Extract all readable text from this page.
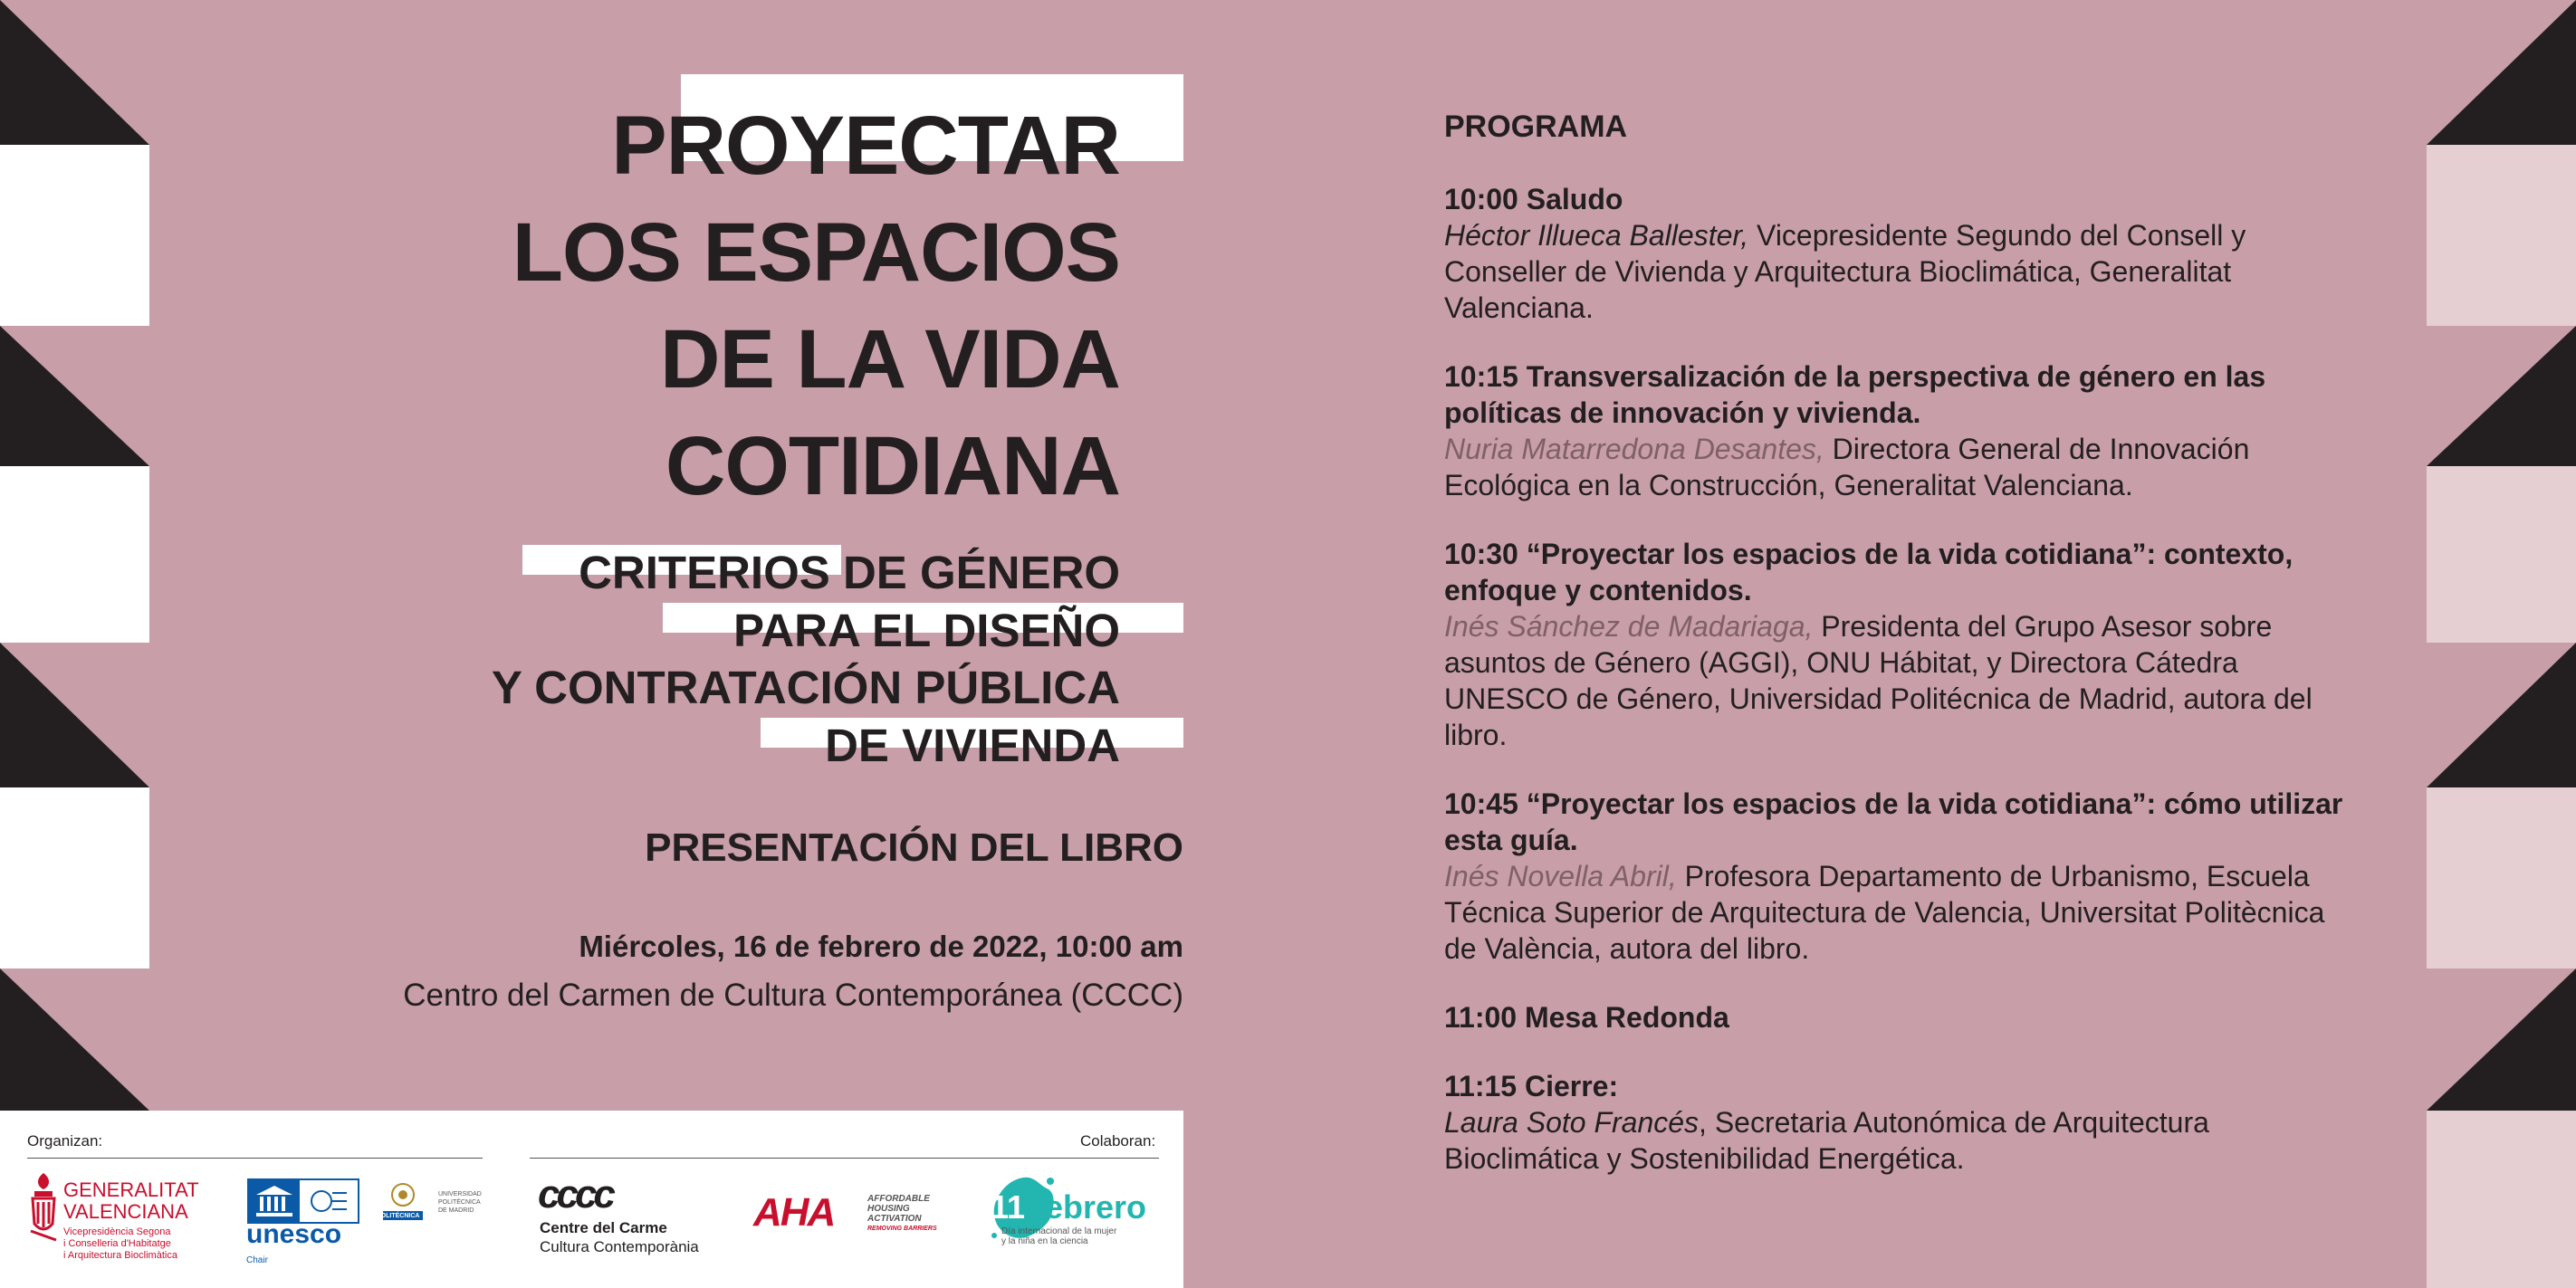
PROYECTAR
LOS ESPACIOS
DE LA VIDA
COTIDIANA
CRITERIOS DE GÉNERO
PARA EL DISEÑO
Y CONTRATACIÓN PÚBLICA
DE VIVIENDA
PRESENTACIÓN DEL LIBRO
Miércoles, 16 de febrero de 2022, 10:00 am
Centro del Carmen de Cultura Contemporánea (CCCC)
Organizan:	Colaboran:
GENERALITAT
VALENCIANA
Vicepresidència Segona
i Conselleria d'Habitatge
i Arquitectura Bioclimàtica
unesco
Chair
POLITÉCNICA
UNIVERSIDAD
POLITÉCNICA
DE MADRID cccc
Centre del Carme
Cultura Contemporània
AHA	AFFORDABLE
HOUSING
ACTIVATION
REMOVING BARRIERS
11 Febrero
Día internacional de la mujer
y la niña en la ciencia
PROGRAMA
10:00 Saludo
Héctor Illueca Ballester, Vicepresidente Segundo del Consell y Conseller de Vivienda y Arquitectura Bioclimática, Generalitat Valenciana.
10:15 Transversalización de la perspectiva de género en las políticas de innovación y vivienda.
Nuria Matarredona Desantes, Directora General de Innovación Ecológica en la Construcción, Generalitat Valenciana.
10:30 “Proyectar los espacios de la vida cotidiana”: contexto, enfoque y contenidos.
Inés Sánchez de Madariaga, Presidenta del Grupo Asesor sobre asuntos de Género (AGGI), ONU Hábitat, y Directora Cátedra UNESCO de Género, Universidad Politécnica de Madrid, autora del libro.
10:45 “Proyectar los espacios de la vida cotidiana”: cómo utilizar esta guía.
Inés Novella Abril, Profesora Departamento de Urbanismo, Escuela Técnica Superior de Arquitectura de Valencia, Universitat Politècnica de València, autora del libro.
11:00 Mesa Redonda
11:15 Cierre:
Laura Soto Francés, Secretaria Autonómica de Arquitectura Bioclimática y Sostenibilidad Energética.
